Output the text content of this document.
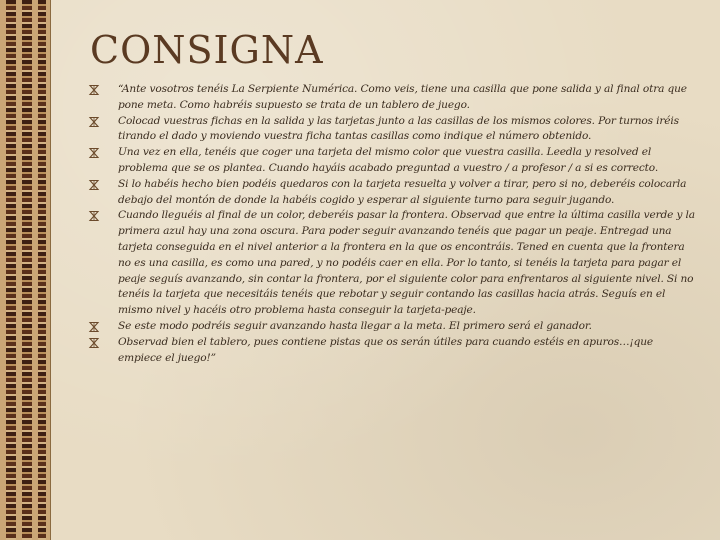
CONSIGNA
“Ante vosotros tenéis La Serpiente Numérica. Como veis, tiene una casilla que pone salida y al final otra que pone meta. Como habréis supuesto se trata de un tablero de juego.
Colocad vuestras fichas en la salida y las tarjetas junto a las casillas de los mismos colores. Por turnos iréis tirando el dado y moviendo vuestra ficha tantas casillas como indique el número obtenido.
Una vez en ella, tenéis que coger una tarjeta del mismo color que vuestra casilla. Leedla y resolved el problema que se os plantea. Cuando hayáis acabado preguntad a vuestro / a profesor / a si es correcto.
Si lo habéis hecho bien podéis quedaros con la tarjeta resuelta y volver a tirar, pero si no, deberéis colocarla debajo del montón de donde la habéis cogido y esperar al siguiente turno para seguir jugando.
Cuando lleguéis al final de un color, deberéis pasar la frontera. Observad que entre la última casilla verde y la primera azul hay una zona oscura. Para poder seguir avanzando tenéis que pagar un peaje. Entregad una tarjeta conseguida en el nivel anterior a la frontera en la que os encontráis. Tened en cuenta que la frontera no es una casilla, es como una pared, y no podéis caer en ella. Por lo tanto, si tenéis la tarjeta para pagar el peaje seguís avanzando, sin contar la frontera, por el siguiente color para enfrentaros al siguiente nivel. Si no tenéis la tarjeta que necesitáis tenéis que rebotar y seguir contando las casillas hacia atrás. Seguís en el mismo nivel y hacéis otro problema hasta conseguir la tarjeta-peaje.
Se este modo podréis seguir avanzando hasta llegar a la meta. El primero será el ganador.
Observad bien el tablero, pues contiene pistas que os serán útiles para cuando estéis en apuros…¡que empiece el juego!”
